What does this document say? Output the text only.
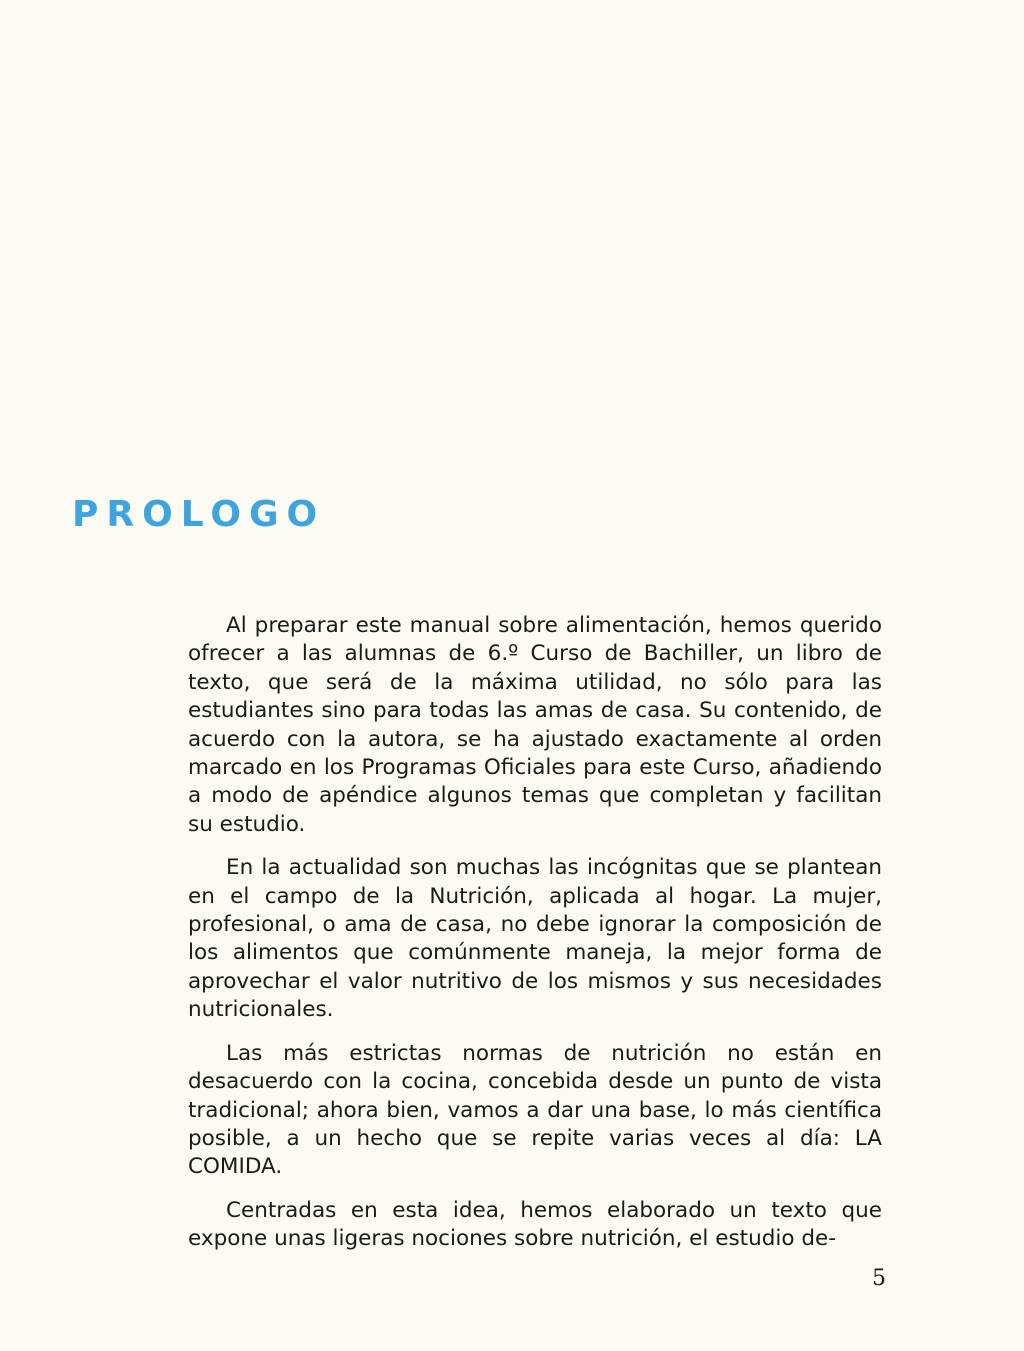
PROLOGO

Al preparar este manual sobre alimentación, hemos querido ofrecer a las alumnas de 6.º Curso de Bachiller, un libro de texto, que será de la máxima utilidad, no sólo para las estudiantes sino para todas las amas de casa. Su contenido, de acuerdo con la autora, se ha ajustado exactamente al orden marcado en los Programas Oficiales para este Curso, añadiendo a modo de apéndice algunos temas que completan y facilitan su estudio.

En la actualidad son muchas las incógnitas que se plantean en el campo de la Nutrición, aplicada al hogar. La mujer, profesional, o ama de casa, no debe ignorar la composición de los alimentos que comúnmente maneja, la mejor forma de aprovechar el valor nutritivo de los mismos y sus necesidades nutricionales.

Las más estrictas normas de nutrición no están en desacuerdo con la cocina, concebida desde un punto de vista tradicional; ahora bien, vamos a dar una base, lo más científica posible, a un hecho que se repite varias veces al día: LA COMIDA.

Centradas en esta idea, hemos elaborado un texto que expone unas ligeras nociones sobre nutrición, el estudio de-

5
